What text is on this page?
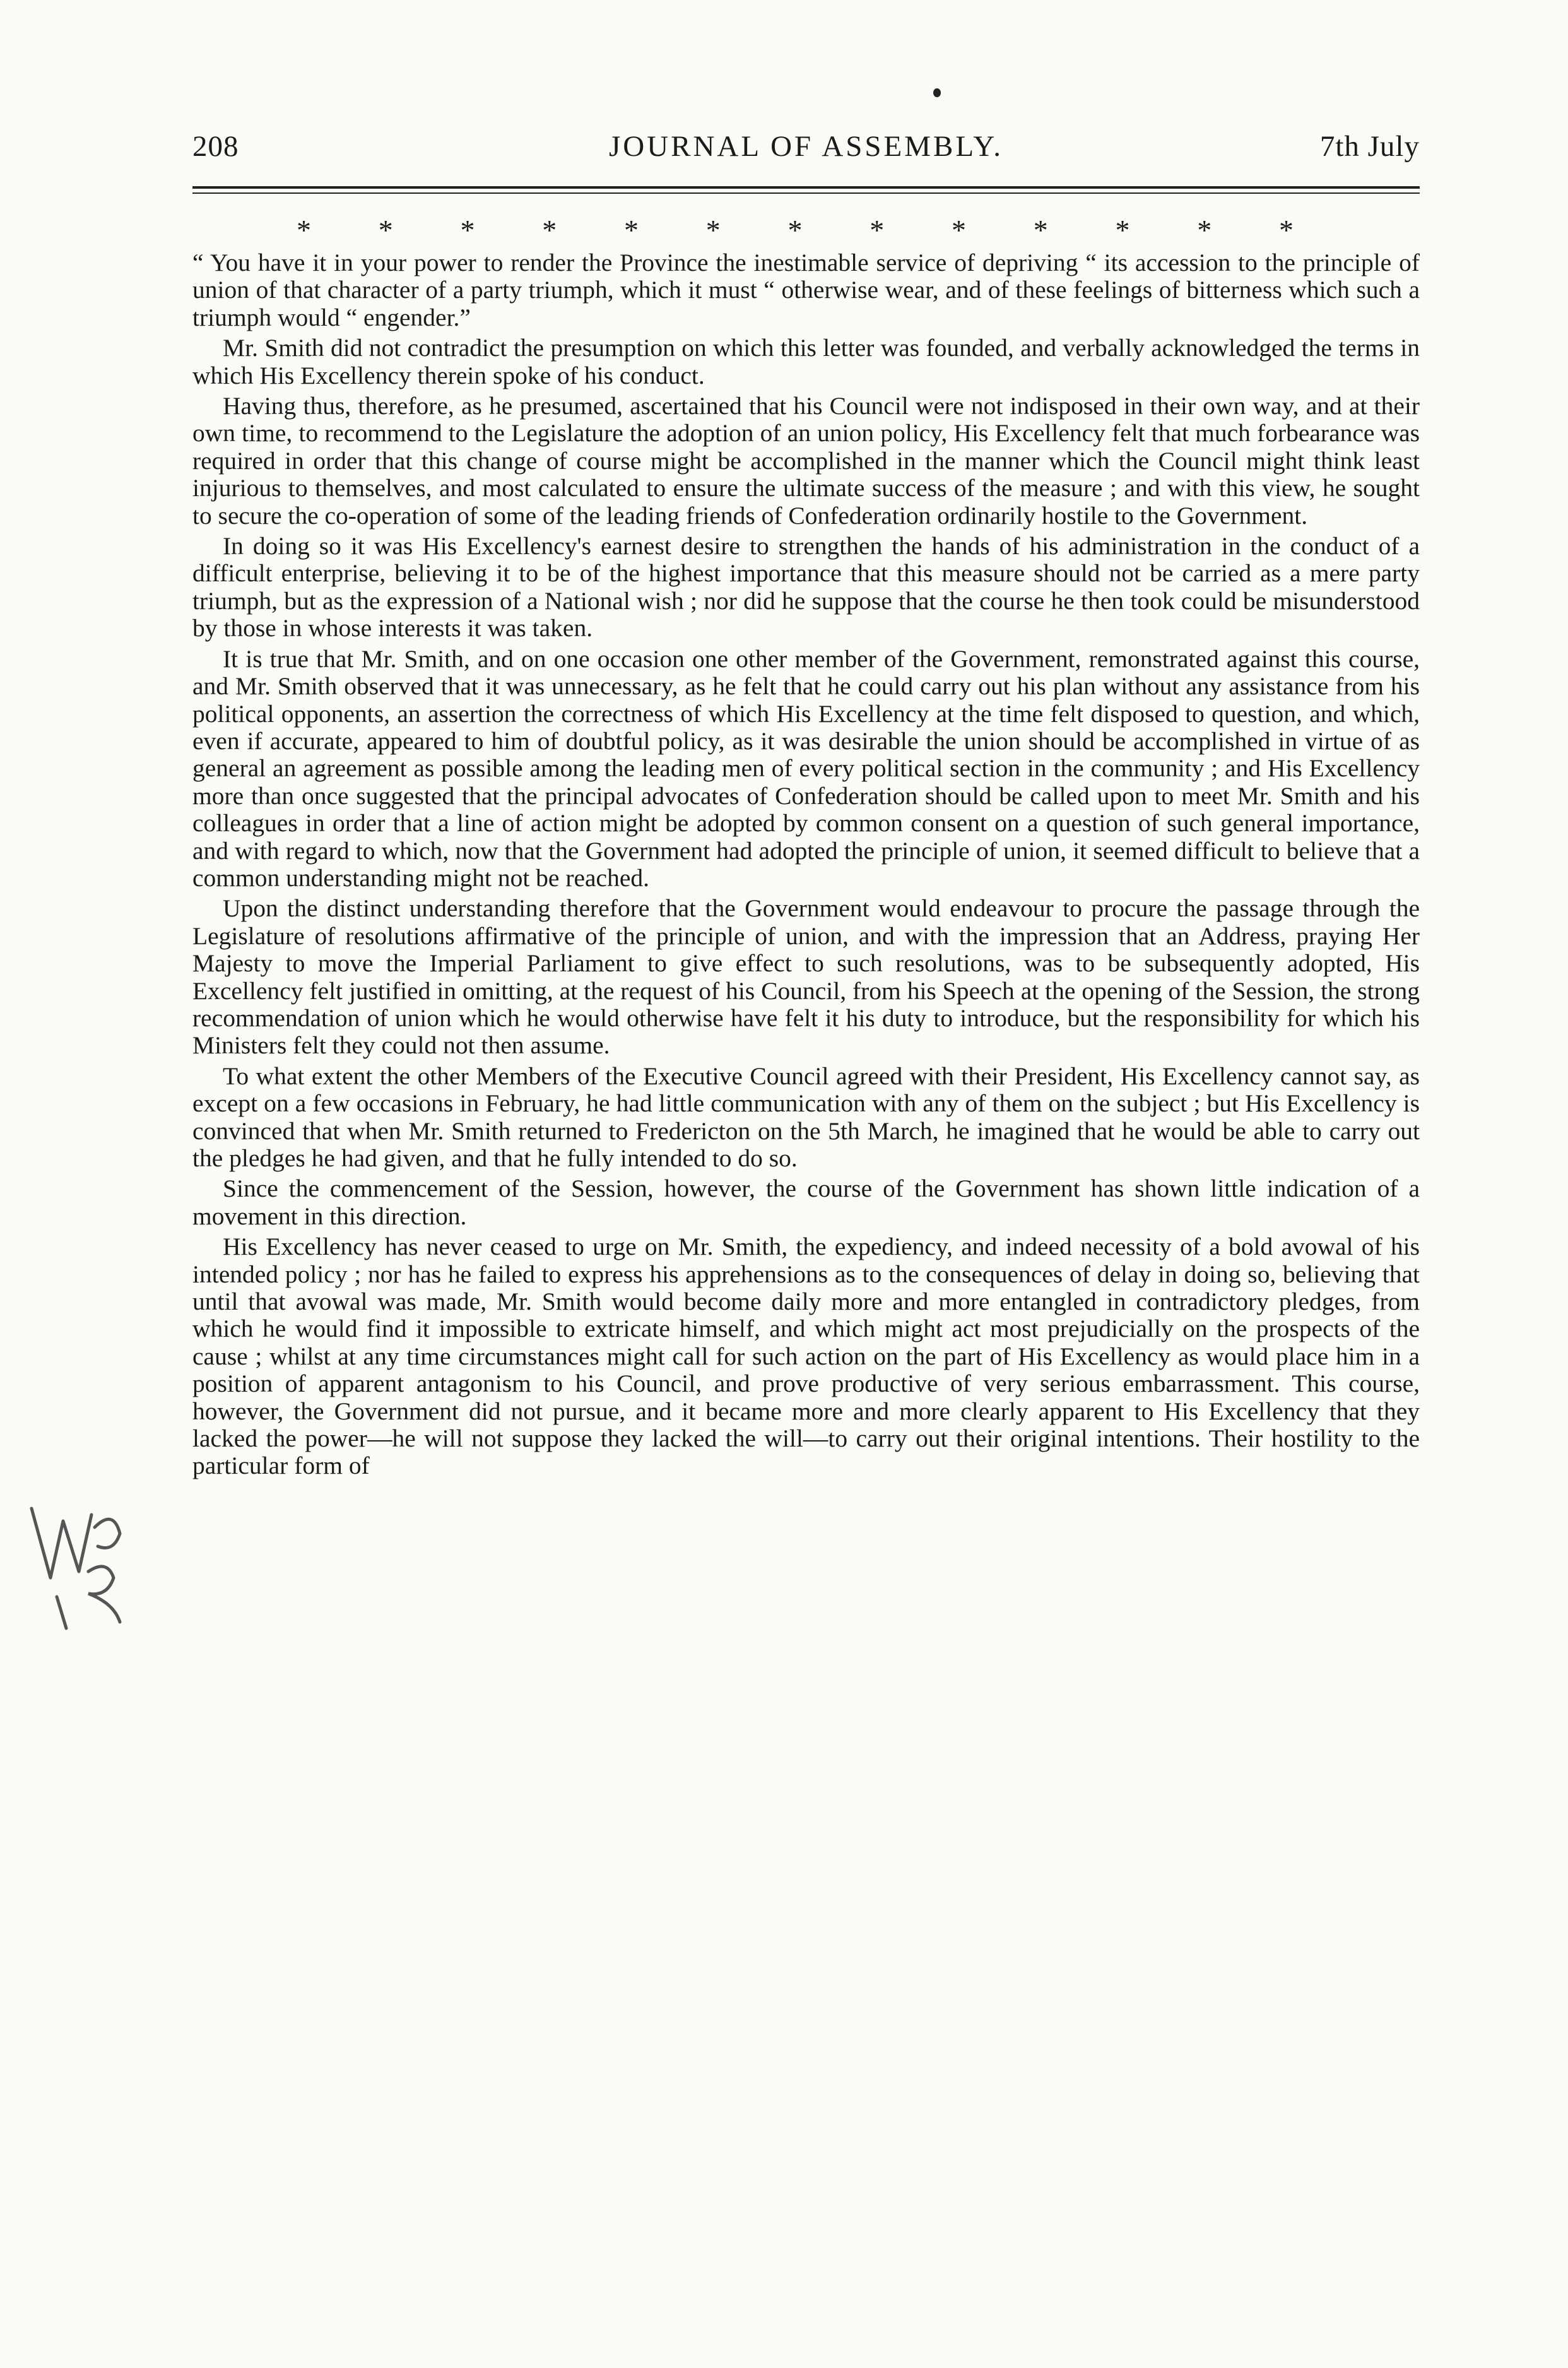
208	JOURNAL OF ASSEMBLY.	7th July
* * * * * * * * * * * * *

“ You have it in your power to render the Province the inestimable service of depriving “ its accession to the principle of union of that character of a party triumph, which it must “ otherwise wear, and of these feelings of bitterness which such a triumph would “ engender.”

Mr. Smith did not contradict the presumption on which this letter was founded, and verbally acknowledged the terms in which His Excellency therein spoke of his conduct.

Having thus, therefore, as he presumed, ascertained that his Council were not indisposed in their own way, and at their own time, to recommend to the Legislature the adoption of an union policy, His Excellency felt that much forbearance was required in order that this change of course might be accomplished in the manner which the Council might think least injurious to themselves, and most calculated to ensure the ultimate success of the measure ; and with this view, he sought to secure the co-operation of some of the leading friends of Confederation ordinarily hostile to the Government.

In doing so it was His Excellency's earnest desire to strengthen the hands of his administration in the conduct of a difficult enterprise, believing it to be of the highest importance that this measure should not be carried as a mere party triumph, but as the expression of a National wish ; nor did he suppose that the course he then took could be misunderstood by those in whose interests it was taken.

It is true that Mr. Smith, and on one occasion one other member of the Government, remonstrated against this course, and Mr. Smith observed that it was unnecessary, as he felt that he could carry out his plan without any assistance from his political opponents, an assertion the correctness of which His Excellency at the time felt disposed to question, and which, even if accurate, appeared to him of doubtful policy, as it was desirable the union should be accomplished in virtue of as general an agreement as possible among the leading men of every political section in the community ; and His Excellency more than once suggested that the principal advocates of Confederation should be called upon to meet Mr. Smith and his colleagues in order that a line of action might be adopted by common consent on a question of such general importance, and with regard to which, now that the Government had adopted the principle of union, it seemed difficult to believe that a common understanding might not be reached.

Upon the distinct understanding therefore that the Government would endeavour to procure the passage through the Legislature of resolutions affirmative of the principle of union, and with the impression that an Address, praying Her Majesty to move the Imperial Parliament to give effect to such resolutions, was to be subsequently adopted, His Excellency felt justified in omitting, at the request of his Council, from his Speech at the opening of the Session, the strong recommendation of union which he would otherwise have felt it his duty to introduce, but the responsibility for which his Ministers felt they could not then assume.

To what extent the other Members of the Executive Council agreed with their President, His Excellency cannot say, as except on a few occasions in February, he had little communication with any of them on the subject ; but His Excellency is convinced that when Mr. Smith returned to Fredericton on the 5th March, he imagined that he would be able to carry out the pledges he had given, and that he fully intended to do so.

Since the commencement of the Session, however, the course of the Government has shown little indication of a movement in this direction.

His Excellency has never ceased to urge on Mr. Smith, the expediency, and indeed necessity of a bold avowal of his intended policy ; nor has he failed to express his apprehensions as to the consequences of delay in doing so, believing that until that avowal was made, Mr. Smith would become daily more and more entangled in contradictory pledges, from which he would find it impossible to extricate himself, and which might act most prejudicially on the prospects of the cause ; whilst at any time circumstances might call for such action on the part of His Excellency as would place him in a position of apparent antagonism to his Council, and prove productive of very serious embarrassment. This course, however, the Government did not pursue, and it became more and more clearly apparent to His Excellency that they lacked the power—he will not suppose they lacked the will—to carry out their original intentions. Their hostility to the particular form of
